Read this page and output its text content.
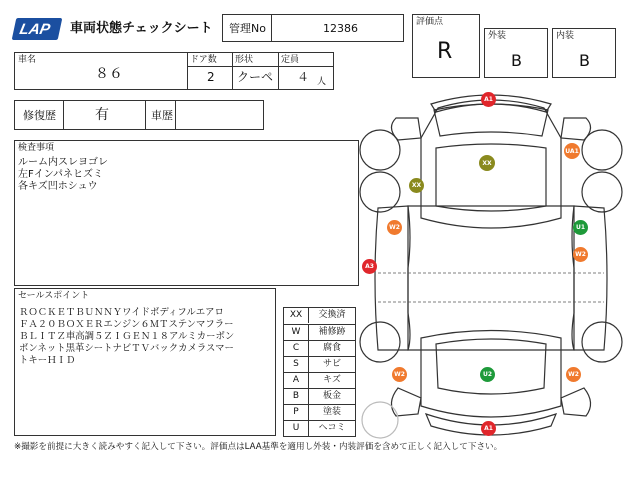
LAP 車両状態チェックシート 管理No	12386	評価点
R
外装
B
内装
B
車名
８６
ドア数
2
形状
クーペ
定員
４ 人
修復歴	有	車歴
検査事項
ルーム内スレヨゴレ
左Fインパネヒズミ
各キズ凹ホシュウ
セールスポイント
ＲＯＣＫＥＴＢＵＮＮＹワイドボディフルエアロ
ＦＡ２０ＢＯＸＥＲエンジン６ＭＴステンマフラー
ＢＬＩＴＺ車高調５ＺＩＧＥＮ１８アルミカーボン
ボンネット黒革シートナビＴＶバックカメラスマー
トキーＨＩＤ
XX	交換済
W	補修跡
C	腐食
S	サビ
A	キズ
B	板金
P	塗装
U	ヘコミ
A1
XX
UA1
XX
W2	U1
W2
A3
U2
W2	W2
A1
※撮影を前提に大きく読みやすく記入して下さい。評価点はLAA基準を適用し外装・内装評価を含めて正しく記入して下さい。
